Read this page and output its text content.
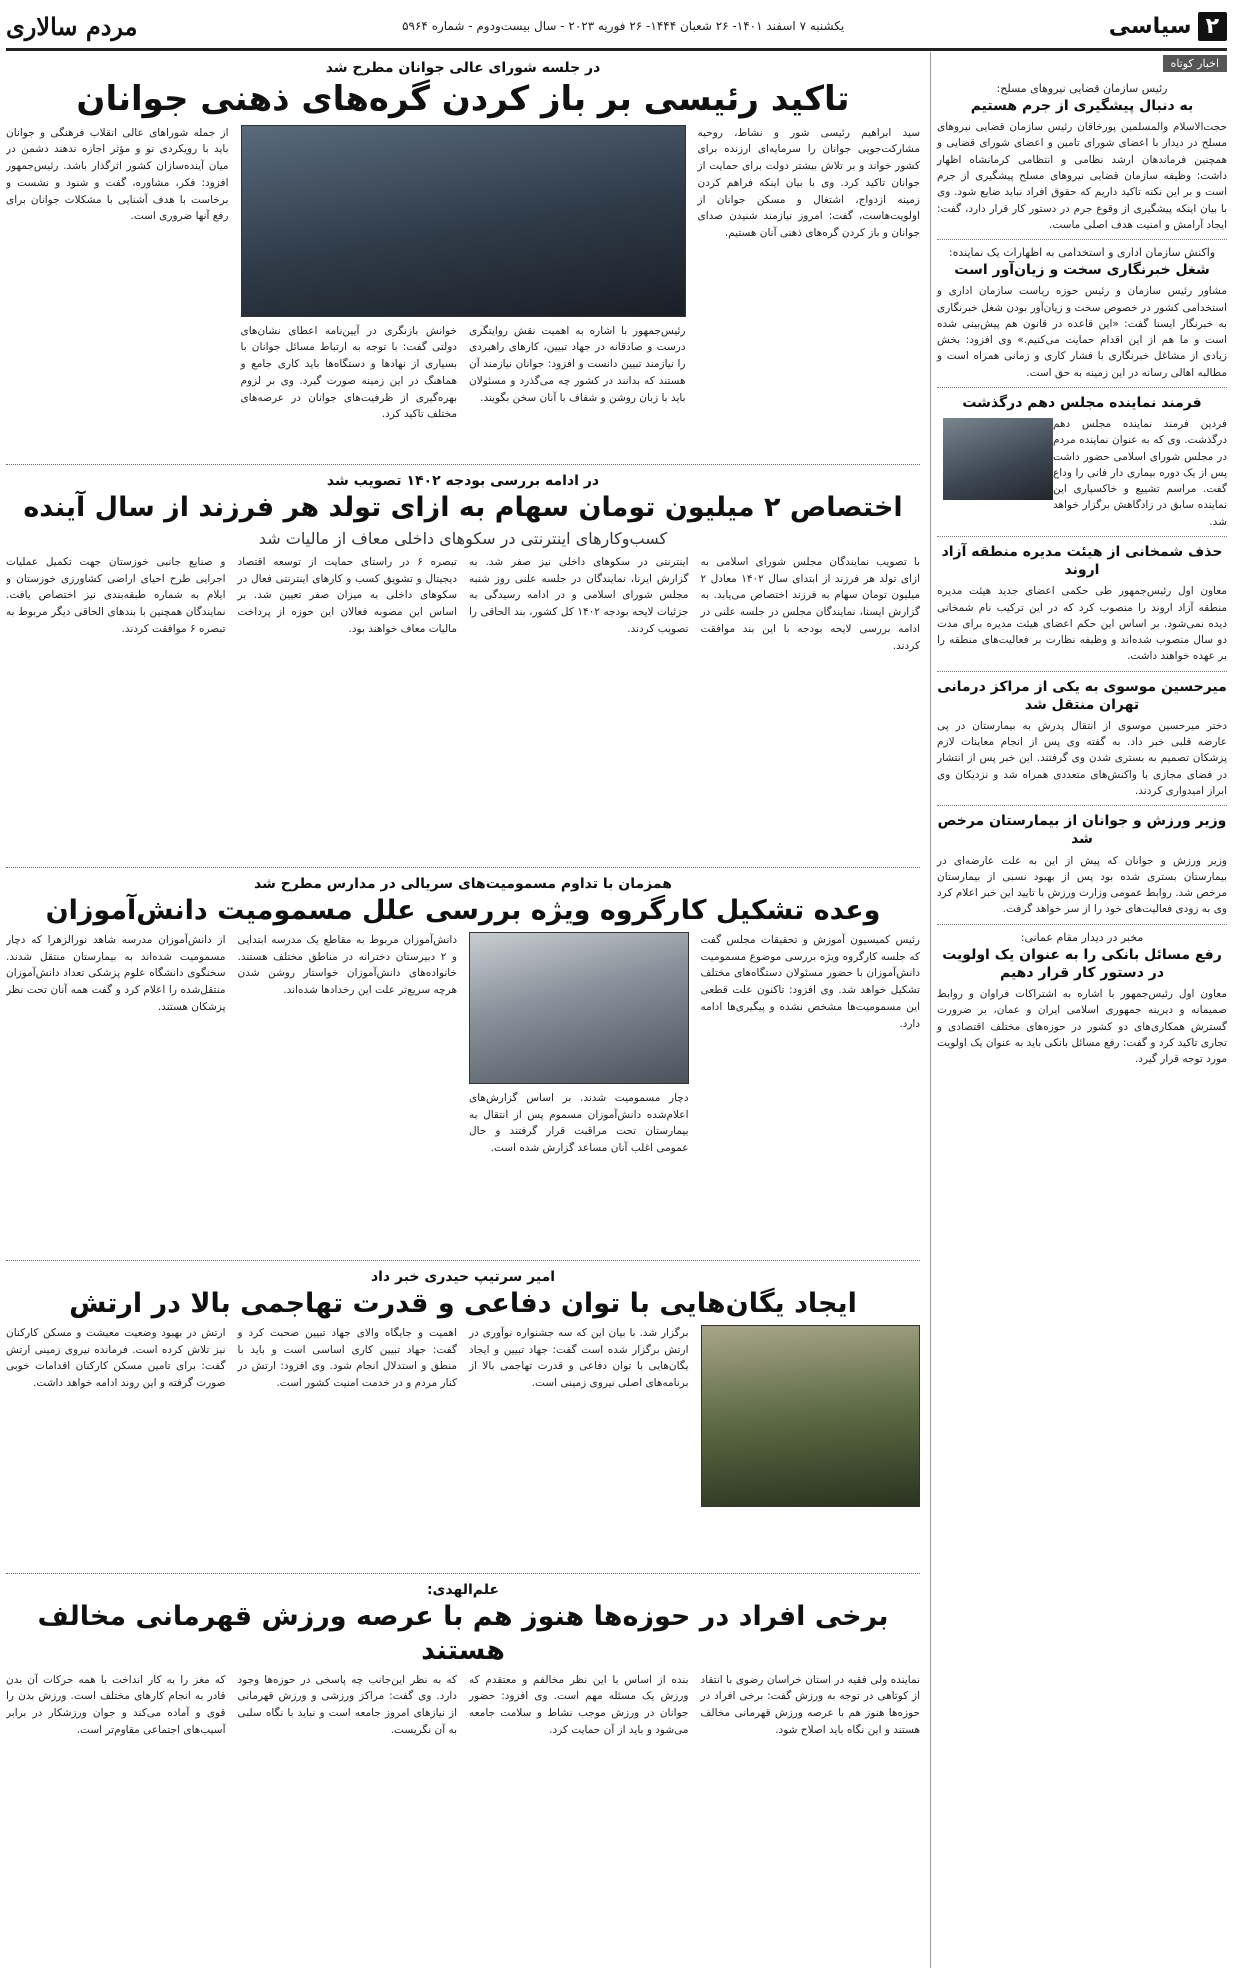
۲
سیاسی
یکشنبه ۷ اسفند ۱۴۰۱- ۲۶ شعبان ۱۴۴۴- ۲۶ فوریه ۲۰۲۳ - سال بیست‌ودوم - شماره ۵۹۶۴
مردم سالاری
اخبار کوتاه
رئیس سازمان قضایی نیروهای مسلح:
به دنبال پیشگیری از جرم هستیم
حجت‌الاسلام والمسلمین ‌پورخاقان رئیس سازمان قضایی نیروهای مسلح در دیدار با اعضای شورای تامین و اعضای شورای قضایی و همچنین فرماندهان ارشد نظامی و انتظامی کرمانشاه اظهار داشت: وظیفه سازمان قضایی نیروهای مسلح پیشگیری از جرم است و بر این نکته تاکید داریم که حقوق افراد نباید ضایع شود. وی با بیان اینکه پیشگیری از وقوع جرم در دستور کار قرار دارد، گفت: ایجاد آرامش و امنیت هدف اصلی ماست.
واکنش سازمان اداری و استخدامی به اظهارات یک نماینده:
شغل خبرنگاری سخت و زیان‌آور است
مشاور رئیس سازمان و رئیس حوزه ریاست سازمان اداری و استخدامی کشور در خصوص سخت و زیان‌آور بودن شغل خبرنگاری به خبرنگار ایسنا گفت: «این قاعده در قانون هم پیش‌بینی شده است و ما هم از این اقدام حمایت می‌کنیم.» وی افزود: بخش زیادی از مشاغل خبرنگاری با فشار کاری و زمانی همراه است و مطالبه اهالی رسانه در این زمینه به حق است.
فرمند نماینده مجلس دهم درگذشت
فردین فرمند نماینده مجلس دهم درگذشت. وی که به عنوان نماینده مردم در مجلس شورای اسلامی حضور داشت پس از یک دوره بیماری دار فانی را وداع گفت. مراسم تشییع و خاکسپاری این نماینده سابق در زادگاهش برگزار خواهد شد.
حذف شمخانی از هیئت مدیره منطقه آزاد اروند
معاون اول رئیس‌جمهور طی حکمی اعضای جدید هیئت مدیره منطقه آزاد اروند را منصوب کرد که در این ترکیب نام شمخانی دیده نمی‌شود. بر اساس این حکم اعضای هیئت مدیره برای مدت دو سال منصوب شده‌اند و وظیفه نظارت بر فعالیت‌های منطقه را بر عهده خواهند داشت.
میرحسین موسوی به یکی از مراکز درمانی تهران منتقل شد
دختر میرحسین موسوی از انتقال پدرش به بیمارستان در پی عارضه قلبی خبر داد. به گفته وی پس از انجام معاینات لازم پزشکان تصمیم به بستری شدن وی گرفتند. این خبر پس از انتشار در فضای مجازی با واکنش‌های متعددی همراه شد و نزدیکان وی ابراز امیدواری کردند.
وزیر ورزش و جوانان از بیمارستان مرخص شد
وزیر ورزش و جوانان که پیش از این به علت عارضه‌ای در بیمارستان بستری شده بود پس از بهبود نسبی از بیمارستان مرخص شد. روابط عمومی وزارت ورزش با تایید این خبر اعلام کرد وی به زودی فعالیت‌های خود را از سر خواهد گرفت.
مخبر در دیدار مقام عمانی:
رفع مسائل بانکی را به عنوان یک اولویت در دستور کار قرار دهیم
معاون اول رئیس‌جمهور با اشاره به اشتراکات فراوان و روابط صمیمانه و دیرینه جمهوری اسلامی ایران و عمان، بر ضرورت گسترش همکاری‌های دو کشور در حوزه‌های مختلف اقتصادی و تجاری تاکید کرد و گفت: رفع مسائل بانکی باید به عنوان یک اولویت مورد توجه قرار گیرد.
در جلسه شورای عالی جوانان مطرح شد
تاکید رئیسی بر باز کردن گره‌های ذهنی جوانان
سید ابراهیم رئیسی شور و نشاط، روحیه مشارکت‌جویی جوانان را سرمایه‌ای ارزنده برای کشور خواند و بر تلاش بیشتر دولت برای حمایت از جوانان تاکید کرد. وی با بیان اینکه فراهم کردن زمینه ازدواج، اشتغال و مسکن جوانان از اولویت‌هاست، گفت: امروز نیازمند شنیدن صدای جوانان و باز کردن گره‌های ذهنی آنان هستیم.
رئیس‌جمهور با اشاره به اهمیت نقش روایتگری درست و صادقانه در جهاد تبیین، کارهای راهبردی را نیازمند تبیین دانست و افزود: جوانان نیازمند آن هستند که بدانند در کشور چه می‌گذرد و مسئولان باید با زبان روشن و شفاف با آنان سخن بگویند.
خوانش بازنگری در آیین‌نامه اعطای نشان‌های دولتی گفت: با توجه به ارتباط مسائل جوانان با بسیاری از نهادها و دستگاه‌ها باید کاری جامع و هماهنگ در این زمینه صورت گیرد. وی بر لزوم بهره‌گیری از ظرفیت‌های جوانان در عرصه‌های مختلف تاکید کرد.
از جمله شوراهای عالی انقلاب فرهنگی و جوانان باید با رویکردی نو و مؤثر اجازه ندهند دشمن در میان آینده‌سازان کشور اثرگذار باشد. رئیس‌جمهور افزود: فکر، مشاوره، گفت و شنود و نشست و برخاست با هدف آشنایی با مشکلات جوانان برای رفع آنها ضروری است.
در ادامه بررسی بودجه ۱۴۰۲ تصویب شد
اختصاص ۲ میلیون تومان سهام به ازای تولد هر فرزند از سال آینده
کسب‌وکارهای اینترنتی در سکوهای داخلی معاف از مالیات شد
با تصویب نمایندگان مجلس شورای اسلامی به ازای تولد هر فرزند از ابتدای سال ۱۴۰۲ معادل ۲ میلیون تومان سهام به فرزند اختصاص می‌یابد. به گزارش ایسنا، نمایندگان مجلس در جلسه علنی در ادامه بررسی لایحه بودجه با این بند موافقت کردند.
اینترنتی در سکوهای داخلی نیز صفر شد. به گزارش ایرنا، نمایندگان در جلسه علنی روز شنبه مجلس شورای اسلامی و در ادامه رسیدگی به جزئیات لایحه بودجه ۱۴۰۲ کل کشور، بند الحاقی را تصویب کردند.
تبصره ۶ در راستای حمایت از توسعه اقتصاد دیجیتال و تشویق کسب و کارهای اینترنتی فعال در سکوهای داخلی به میزان صفر تعیین شد. بر اساس این مصوبه فعالان این حوزه از پرداخت مالیات معاف خواهند بود.
و صنایع جانبی خوزستان جهت تکمیل عملیات اجرایی طرح احیای اراضی کشاورزی خوزستان و ایلام به شماره طبقه‌بندی نیز اختصاص یافت. نمایندگان همچنین با بندهای الحاقی دیگر مربوط به تبصره ۶ موافقت کردند.
همزمان با تداوم مسمومیت‌های سریالی در مدارس مطرح شد
وعده تشکیل کارگروه ویژه بررسی علل مسمومیت دانش‌آموزان
رئیس کمیسیون آموزش و تحقیقات مجلس گفت که جلسه کارگروه ویژه بررسی موضوع مسمومیت دانش‌آموزان با حضور مسئولان دستگاه‌های مختلف تشکیل خواهد شد. وی افزود: تاکنون علت قطعی این مسمومیت‌ها مشخص نشده و پیگیری‌ها ادامه دارد.
دچار مسمومیت شدند. بر اساس گزارش‌های اعلام‌شده دانش‌آموزان مسموم پس از انتقال به بیمارستان تحت مراقبت قرار گرفتند و حال عمومی اغلب آنان مساعد گزارش شده است.
دانش‌آموزان مربوط به مقاطع یک مدرسه ابتدایی و ۲ دبیرستان دخترانه در مناطق مختلف هستند. خانواده‌های دانش‌آموزان خواستار روشن شدن هرچه سریع‌تر علت این رخدادها شده‌اند.
از دانش‌آموزان مدرسه شاهد نورالزهرا که دچار مسمومیت شده‌اند به بیمارستان منتقل شدند. سخنگوی دانشگاه علوم پزشکی تعداد دانش‌آموزان منتقل‌شده را اعلام کرد و گفت همه آنان تحت نظر پزشکان هستند.
امیر سرتیپ حیدری خبر داد
ایجاد یگان‌هایی با توان دفاعی و قدرت تهاجمی بالا در ارتش
برگزار شد. با بیان این که سه جشنواره نوآوری در ارتش برگزار شده است گفت: جهاد تبیین و ایجاد یگان‌هایی با توان دفاعی و قدرت تهاجمی بالا از برنامه‌های اصلی نیروی زمینی است.
اهمیت و جایگاه والای جهاد تبیین صحبت کرد و گفت: جهاد تبیین کاری اساسی است و باید با منطق و استدلال انجام شود. وی افزود: ارتش در کنار مردم و در خدمت امنیت کشور است.
ارتش در بهبود وضعیت معیشت و مسکن کارکنان نیز تلاش کرده است. فرمانده نیروی زمینی ارتش گفت: برای تامین مسکن کارکنان اقدامات خوبی صورت گرفته و این روند ادامه خواهد داشت.
علم‌الهدی:
برخی افراد در حوزه‌ها هنوز هم با عرصه ورزش قهرمانی مخالف هستند
نماینده ولی فقیه در استان خراسان رضوی با انتقاد از کوتاهی در توجه به ورزش گفت: برخی افراد در حوزه‌ها هنوز هم با عرصه ورزش قهرمانی مخالف هستند و این نگاه باید اصلاح شود.
بنده از اساس با این نظر مخالفم و معتقدم که ورزش یک مسئله مهم است. وی افزود: حضور جوانان در ورزش موجب نشاط و سلامت جامعه می‌شود و باید از آن حمایت کرد.
که به نظر این‌جانب چه پاسخی در حوزه‌ها وجود دارد. وی گفت: مراکز ورزشی و ورزش قهرمانی از نیازهای امروز جامعه است و نباید با نگاه سلبی به آن نگریست.
که مغز را به کار انداخت با همه حرکات آن بدن قادر به انجام کارهای مختلف است. ورزش بدن را قوی و آماده می‌کند و جوان ورزشکار در برابر آسیب‌های اجتماعی مقاوم‌تر است.
